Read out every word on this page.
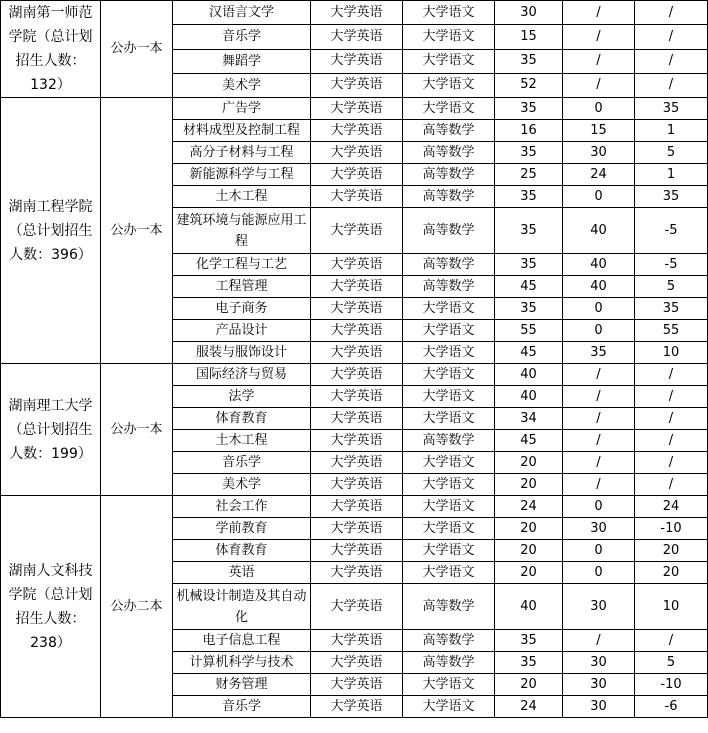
湖南第一师范学院（总计划招生人数：132）	公办一本	汉语言文学	大学英语	大学语文	30	/	/
		音乐学	大学英语	大学语文	15	/	/
		舞蹈学	大学英语	大学语文	35	/	/
		美术学	大学英语	大学语文	52	/	/
湖南工程学院（总计划招生人数：396）	公办一本	广告学	大学英语	大学语文	35	0	35
		材料成型及控制工程	大学英语	高等数学	16	15	1
		高分子材料与工程	大学英语	高等数学	35	30	5
		新能源科学与工程	大学英语	高等数学	25	24	1
		土木工程	大学英语	高等数学	35	0	35
		建筑环境与能源应用工程	大学英语	高等数学	35	40	-5
		化学工程与工艺	大学英语	高等数学	35	40	-5
		工程管理	大学英语	高等数学	45	40	5
		电子商务	大学英语	大学语文	35	0	35
		产品设计	大学英语	大学语文	55	0	55
		服装与服饰设计	大学英语	大学语文	45	35	10
湖南理工大学（总计划招生人数：199）	公办一本	国际经济与贸易	大学英语	大学语文	40	/	/
		法学	大学英语	大学语文	40	/	/
		体育教育	大学英语	大学语文	34	/	/
		土木工程	大学英语	高等数学	45	/	/
		音乐学	大学英语	大学语文	20	/	/
		美术学	大学英语	大学语文	20	/	/
湖南人文科技学院（总计划招生人数：238）	公办二本	社会工作	大学英语	大学语文	24	0	24
		学前教育	大学英语	大学语文	20	30	-10
		体育教育	大学英语	大学语文	20	0	20
		英语	大学英语	大学语文	20	0	20
		机械设计制造及其自动化	大学英语	高等数学	40	30	10
		电子信息工程	大学英语	高等数学	35	/	/
		计算机科学与技术	大学英语	高等数学	35	30	5
		财务管理	大学英语	大学语文	20	30	-10
		音乐学	大学英语	大学语文	24	30	-6
